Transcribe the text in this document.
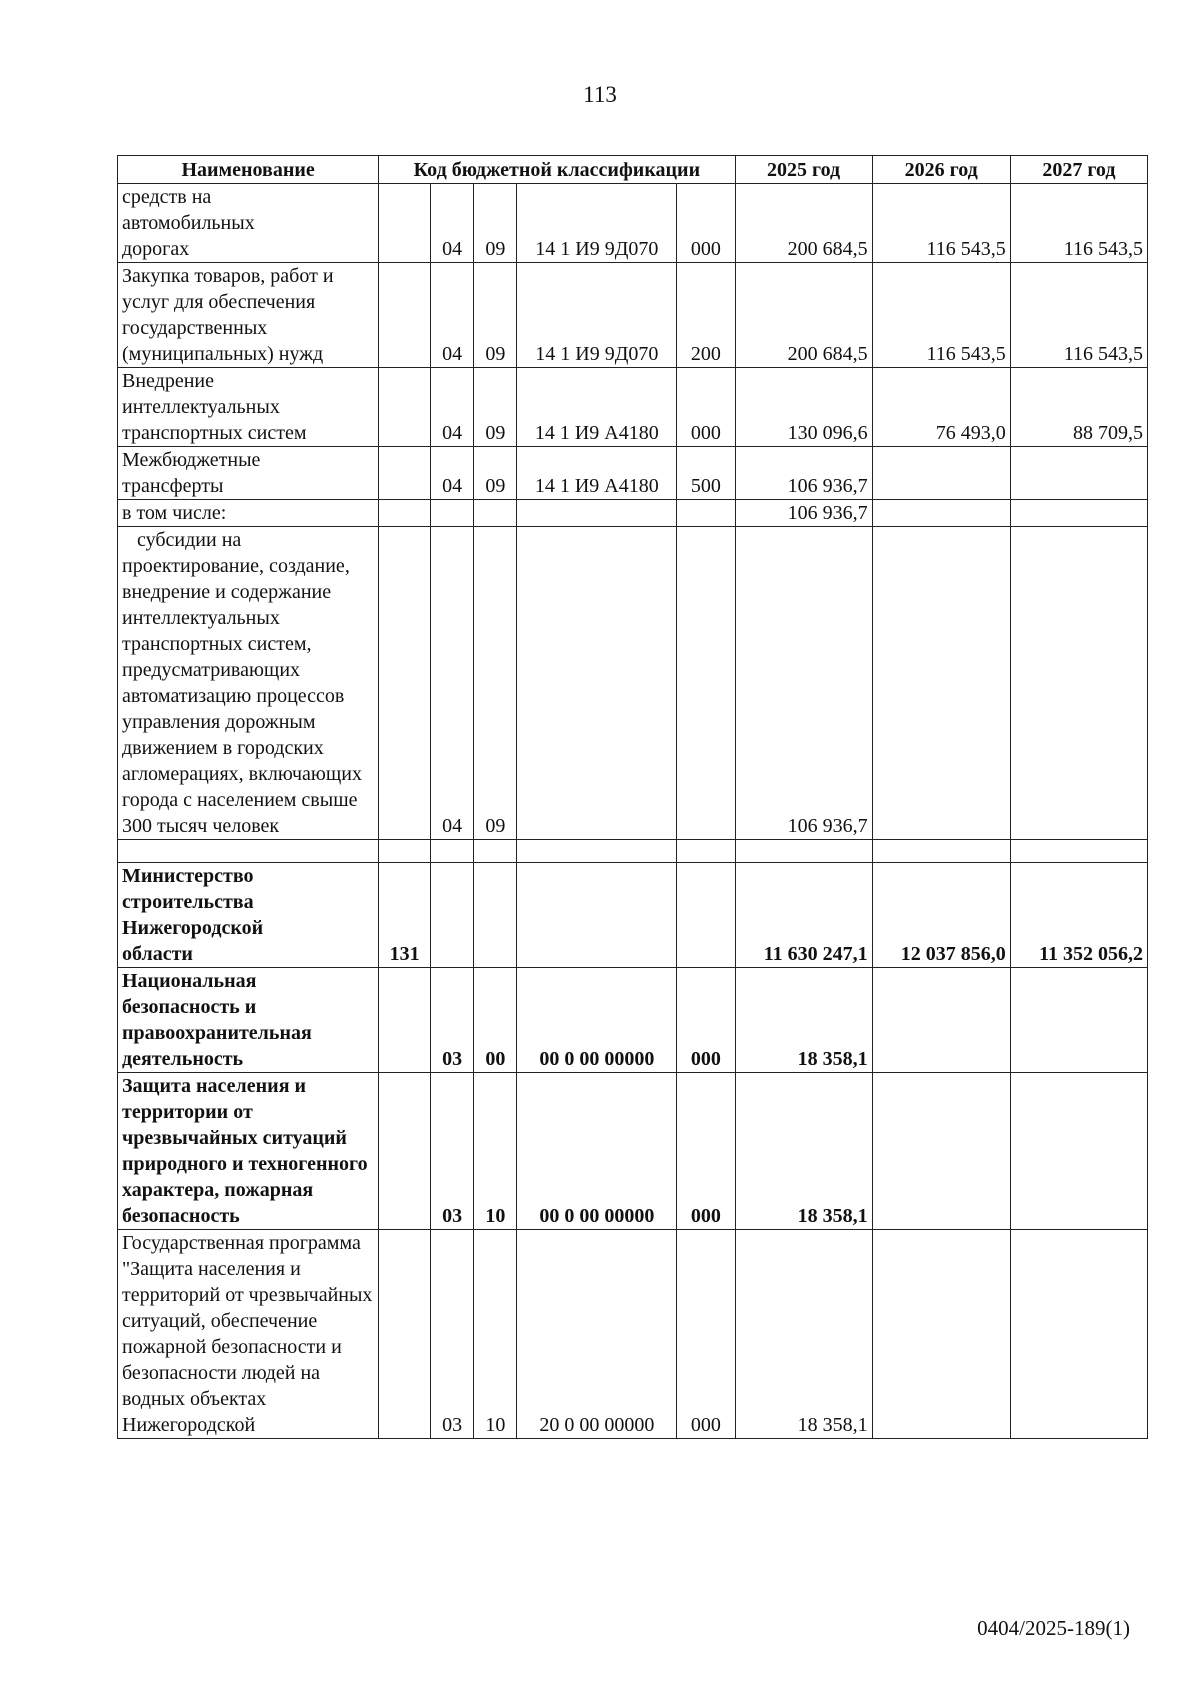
113
Наименование	Код бюджетной классификации					2025 год	2026 год	2027 год
средств на автомобильных дорогах		04	09	14 1 И9 9Д070	000	200 684,5	116 543,5	116 543,5
Закупка товаров, работ и услуг для обеспечения государственных (муниципальных) нужд		04	09	14 1 И9 9Д070	200	200 684,5	116 543,5	116 543,5
Внедрение интеллектуальных транспортных систем		04	09	14 1 И9 А4180	000	130 096,6	76 493,0	88 709,5
Межбюджетные трансферты		04	09	14 1 И9 А4180	500	106 936,7		
в том числе:						106 936,7		
субсидии на проектирование, создание, внедрение и содержание интеллектуальных транспортных систем, предусматривающих автоматизацию процессов управления дорожным движением в городских агломерациях, включающих города с населением свыше 300 тысяч человек		04	09			106 936,7		

Министерство строительства Нижегородской области	131					11 630 247,1	12 037 856,0	11 352 056,2
Национальная безопасность и правоохранительная деятельность		03	00	00 0 00 00000	000	18 358,1		
Защита населения и территории от чрезвычайных ситуаций природного и техногенного характера, пожарная безопасность		03	10	00 0 00 00000	000	18 358,1		
Государственная программа "Защита населения и территорий от чрезвычайных ситуаций, обеспечение пожарной безопасности и безопасности людей на водных объектах Нижегородской		03	10	20 0 00 00000	000	18 358,1		
0404/2025-189(1)
